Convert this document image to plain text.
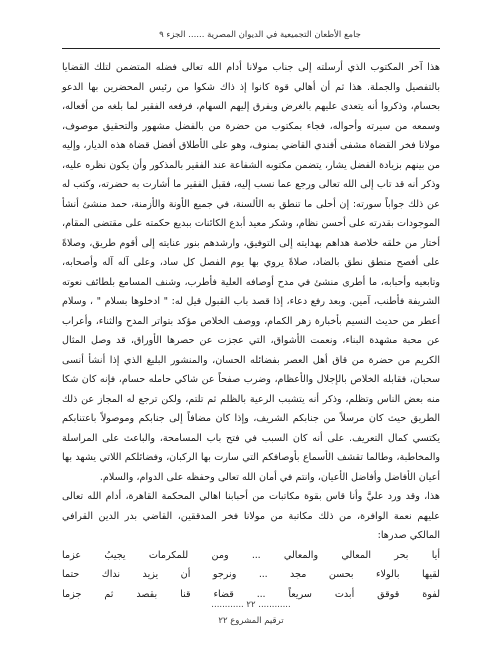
جامع الأطعان التجميعية في الديوان المصرية ...... الجزء ٩

هذا آخر المكتوب الذي أرسلته إلى جناب مولانا أدام الله تعالى فضله المتضمن لتلك القضايا بالتفصيل والجملة. هذا ثم أن أهالي قوة كانوا إذ ذاك شكوا من رئيس المحضرين بها الدعو بحسام، وذكروا أنه يتعدى عليهم بالغرض ويفرق إليهم السهام، فرفعه الفقير لما بلغه من أفعاله، وسمعه من سيرته وأحواله، فجاء بمكتوب من حضرة من بالفضل مشهور والتحقيق موصوف، مولانا فخر القضاة مشفى أفندي القاضي بمنوف، وهو على الأطلاق أفضل قضاة هذه الديار، وإليه من بينهم بزيادة الفضل يشار، يتضمن مكتوبه الشفاعة عند الفقير بالمذكور وأن يكون نظره عليه، وذكر أنه قد تاب إلى الله تعالى ورجع عما نسب إليه، فقبل الفقير ما أشارت به حضرته، وكتب له عن ذلك جواباً سورته: إن أحلى ما تنطق به الألسنة، في جميع الأونة والأزمنة، حمد منشئ أنشأ الموجودات بقدرته على أحسن نظام، وشكر معيد أبدع الكائنات ببديع حكمته على مقتضى المقام، أختار من خلقه خلاصة هداهم بهدايته إلى التوفيق، وارشدهم بنور عنايته إلى أقوم طريق، وصلاةً على أفصح منطق نطق بالضاد، صلاةً يروي بها يوم الفصل كل ساد، وعلى آله آله وأصحابه، وتابعيه وأحبابه، ما أطرى منشئ في مدح أوصافه العلية فأطرب، وشنف المسامع بلطائف نعوته الشريفة فأطنب، آمين. وبعد رفع دعاء، إذا قصد باب القبول قيل له: " ادخلوها بسلام " ، وسلام أعطر من حديث النسيم بأخبارة زهر الكمام، ووصف الخلاص مؤكد بتواتر المدح والثناء، وأعراب عن محبة مشهدة البناء، ونعمت الأشواق، التي عجزت عن حصرها الأوراق، قد وصل المثال الكريم من حضرة من قاق أهل العصر بفضائله الحسان، والمنشور البليغ الذي إذا أنشأ أنسى سحبان، فقابله الخلاص بالإجلال والأعظام، وضرب صفحاً عن شاكي حامله حسام، فإنه كان شكا منه بعض الناس وتظلم، وذكر أنه يتشبب الرعية بالظلم ثم تلتم، ولكن ترجع له المجاز عن ذلك الطريق حيث كان مرسلاً من جنابكم الشريف، وإذا كان مضافاً إلى جنابكم وموصولاً باعتنابكم يكتسي كمال التعريف. على أنه كان السبب في فتح باب المسامحة، والباعث على المراسلة والمخاطبة، وطالما تقشف الأسماع بأوصافكم التي سارت بها الركبان، وفضائلكم اللاتي يشهد بها أعيان الأفاضل وأفاضل الأعيان، وانتم في أمان الله تعالى وحفظه على الدوام، والسلام.

هذا، وقد ورد عليَّ وأنا قاس بقوة مكاتبات من أحبابنا اهالي المحكمة القاهرة، أدام الله تعالى عليهم نعمة الوافرة، من ذلك مكاتبة من مولانا فخر المدققين، القاضي بدر الدين القرافي المالكي صدرها:

أيا
بحر
المعالي
والمعالي
...
ومن
للمكرمات
يجيبُ
عزما
لقيها
بالولاء
بحسن
مجد
...
ونرجو
أن
يزيد
نداك
حتما
لفوة
قوقق
أبدت
سريعاً
...
قضاء
قنا
بقصد
ثم
جزما
............ ٢٢ ............
ترقيم المشروع ٢٢
